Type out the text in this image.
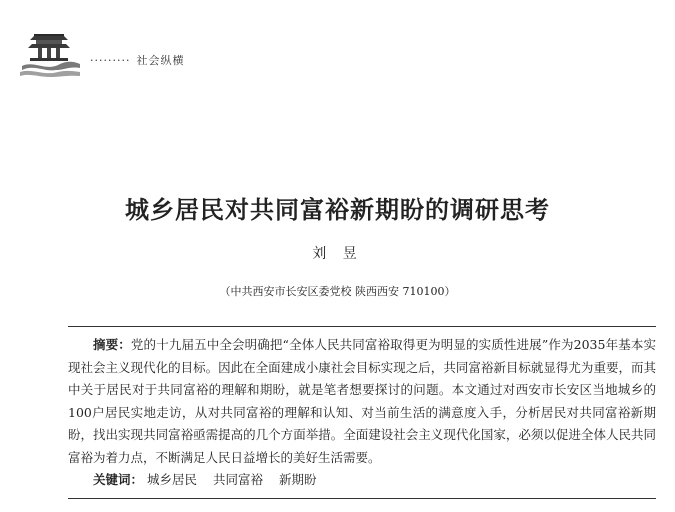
········· 社会纵横
城乡居民对共同富裕新期盼的调研思考
刘 昱
（中共西安市长安区委党校 陕西西安 710100）
摘要：党的十九届五中全会明确把“全体人民共同富裕取得更为明显的实质性进展”作为2035年基本实现社会主义现代化的目标。因此在全面建成小康社会目标实现之后，共同富裕新目标就显得尤为重要，而其中关于居民对于共同富裕的理解和期盼，就是笔者想要探讨的问题。本文通过对西安市长安区当地城乡的100户居民实地走访，从对共同富裕的理解和认知、对当前生活的满意度入手，分析居民对共同富裕新期盼，找出实现共同富裕亟需提高的几个方面举措。全面建设社会主义现代化国家，必须以促进全体人民共同富裕为着力点，不断满足人民日益增长的美好生活需要。
关键词： 城乡居民 共同富裕 新期盼
